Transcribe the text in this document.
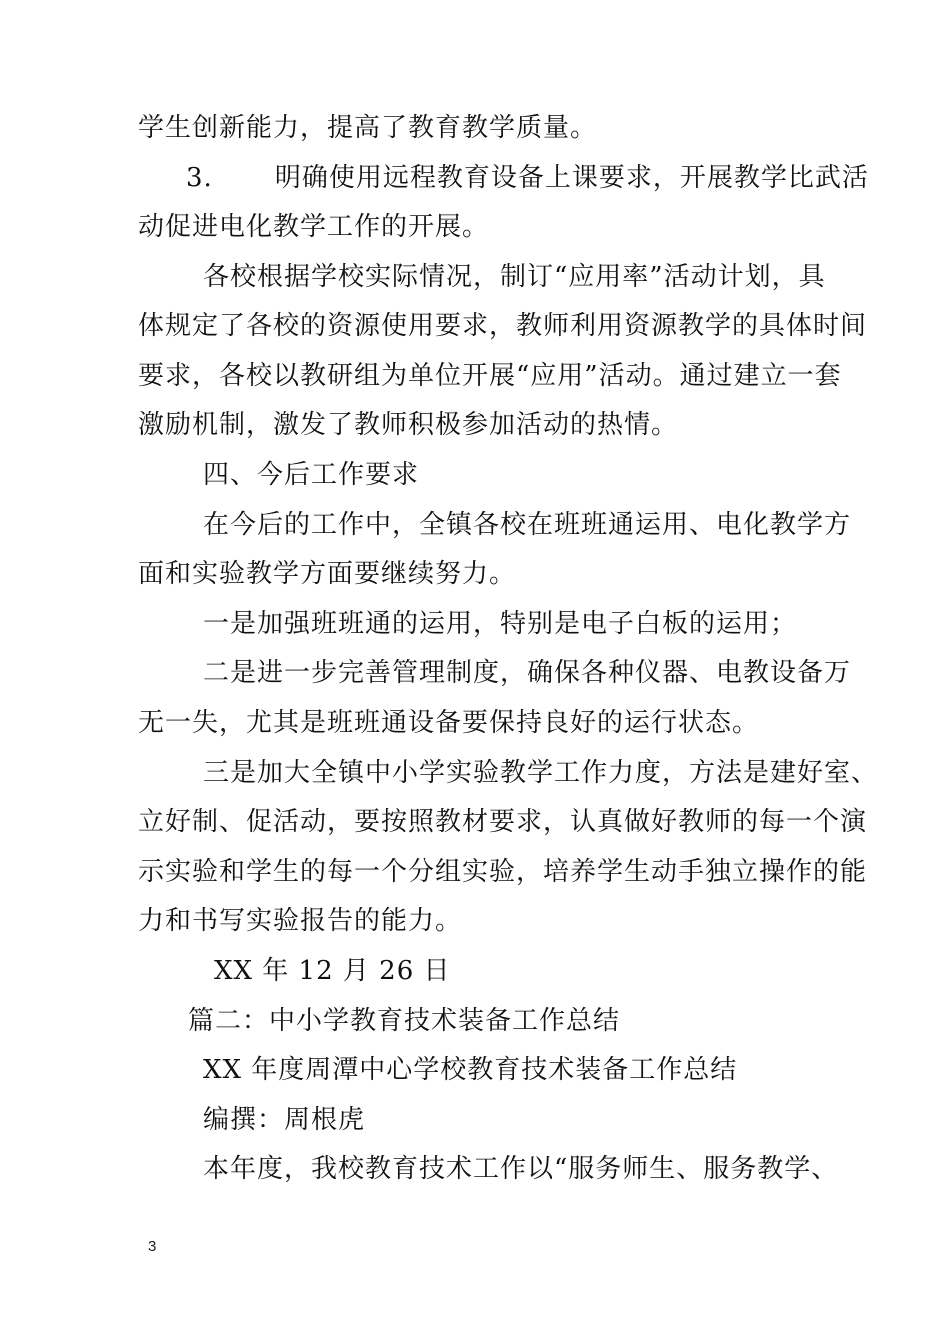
学生创新能力，提高了教育教学质量。
3. 明确使用远程教育设备上课要求，开展教学比武活
动促进电化教学工作的开展。
各校根据学校实际情况，制订“应用率”活动计划，具
体规定了各校的资源使用要求，教师利用资源教学的具体时间
要求，各校以教研组为单位开展“应用”活动。通过建立一套
激励机制，激发了教师积极参加活动的热情。
四、今后工作要求
在今后的工作中，全镇各校在班班通运用、电化教学方
面和实验教学方面要继续努力。
一是加强班班通的运用，特别是电子白板的运用；
二是进一步完善管理制度，确保各种仪器、电教设备万
无一失，尤其是班班通设备要保持良好的运行状态。
三是加大全镇中小学实验教学工作力度，方法是建好室、
立好制、促活动，要按照教材要求，认真做好教师的每一个演
示实验和学生的每一个分组实验，培养学生动手独立操作的能
力和书写实验报告的能力。
XX 年 12 月 26 日
篇二：中小学教育技术装备工作总结
XX 年度周潭中心学校教育技术装备工作总结
编撰：周根虎
本年度，我校教育技术工作以“服务师生、服务教学、
3
